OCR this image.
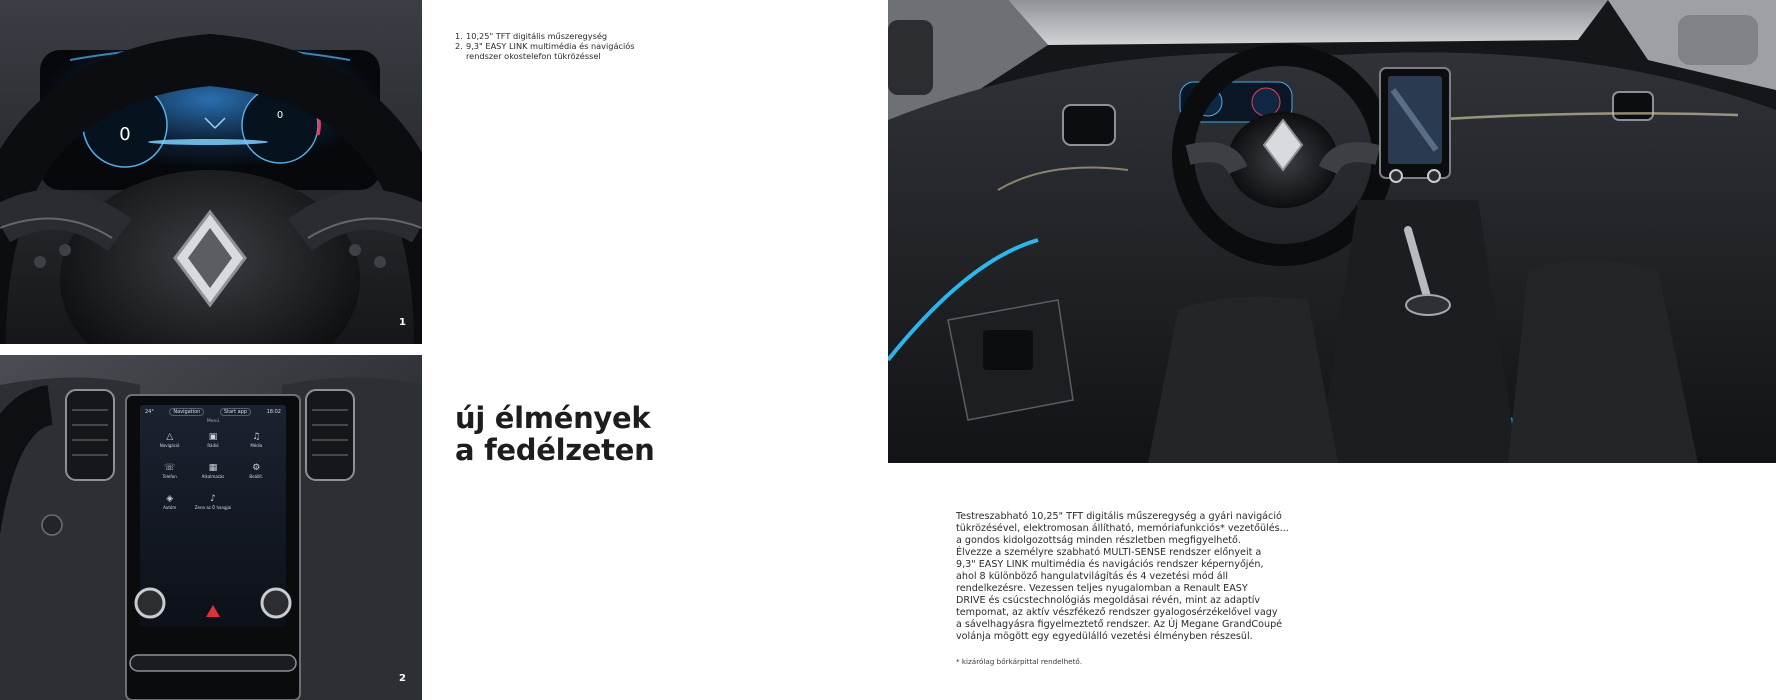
0
0
1
24°	Navigation	Start app	18:02
Menü
△
Navigáció
▣
Rádió
♫
Média
☏
Telefon
▦
Alkalmazás
⚙
Beállít.
◈
Autóm
♪
Zene az Ő hangjai
2
1. 10,25" TFT digitális műszeregység
2. 9,3" EASY LINK multimédia és navigációs
rendszer okostelefon tükrözéssel
új élmények
a fedélzeten

Testreszabható 10,25" TFT digitális műszeregység a gyári navigáció
tükrözésével, elektromosan állítható, memóriafunkciós* vezetőülés...
a gondos kidolgozottság minden részletben megfigyelhető.
Élvezze a személyre szabható MULTI-SENSE rendszer előnyeit a
9,3" EASY LINK multimédia és navigációs rendszer képernyőjén,
ahol 8 különböző hangulatvilágítás és 4 vezetési mód áll
rendelkezésre. Vezessen teljes nyugalomban a Renault EASY
DRIVE és csúcstechnológiás megoldásai révén, mint az adaptív
tempomat, az aktív vészfékező rendszer gyalogosérzékelővel vagy
a sávelhagyásra figyelmeztető rendszer. Az Új Megane GrandCoupé
volánja mögött egy egyedülálló vezetési élményben részesül.

* kizárólag bőrkárpittal rendelhető.
